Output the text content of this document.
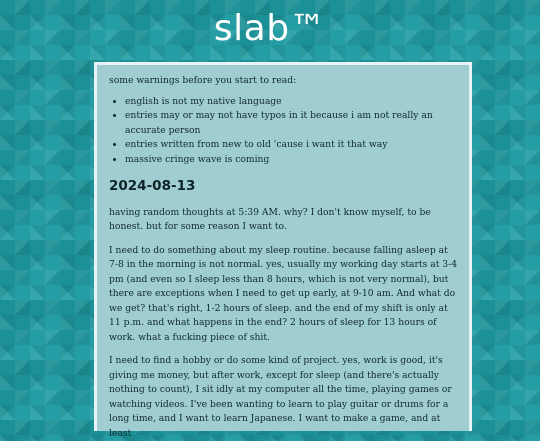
slab™

some warnings before you start to read:

• english is not my native language
• entries may or may not have typos in it because i am not really an accurate person
• entries written from new to old 'cause i want it that way
• massive cringe wave is coming
2024-08-13

having random thoughts at 5:39 AM. why? I don't know myself, to be honest. but for some reason I want to.

I need to do something about my sleep routine. because falling asleep at 7-8 in the morning is not normal. yes, usually my working day starts at 3-4 pm (and even so I sleep less than 8 hours, which is not very normal), but there are exceptions when I need to get up early, at 9-10 am. And what do we get? that's right, 1-2 hours of sleep. and the end of my shift is only at 11 p.m. and what happens in the end? 2 hours of sleep for 13 hours of work. what a fucking piece of shit.

I need to find a hobby or do some kind of project. yes, work is good, it's giving me money, but after work, except for sleep (and there's actually nothing to count), I sit idly at my computer all the time, playing games or watching videos. I've been wanting to learn to play guitar or drums for a long time, and I want to learn Japanese. I want to make a game, and at least
